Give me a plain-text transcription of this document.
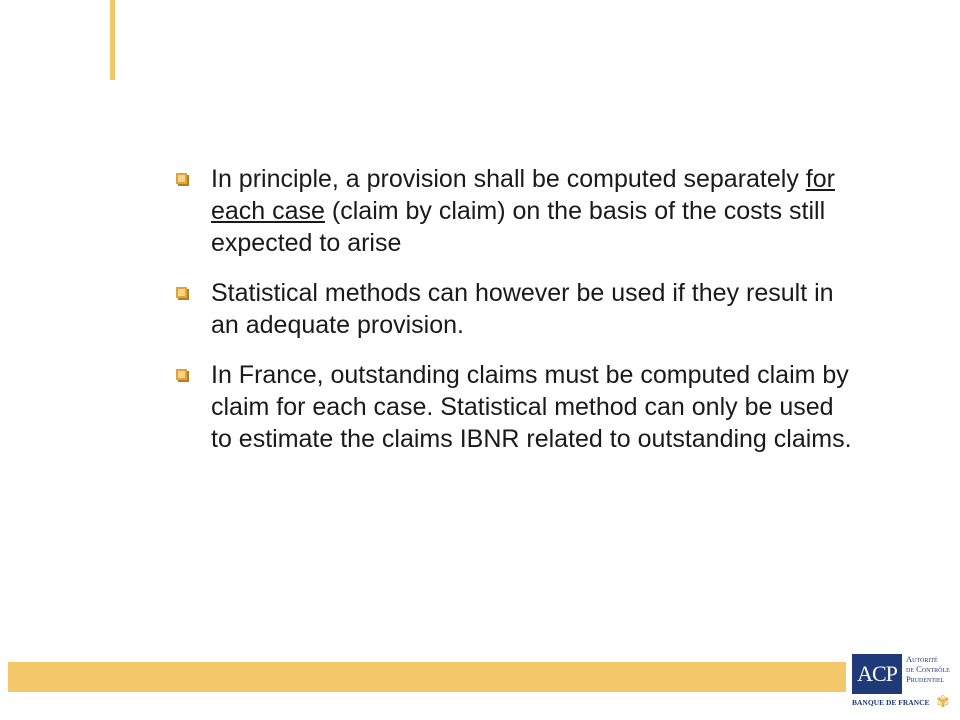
In principle, a provision shall be computed separately for each case (claim by claim) on the basis of the costs still expected to arise

Statistical methods can however be used if they result in an adequate provision.

In France, outstanding claims must be computed claim by claim for each case. Statistical method can only be used to estimate the claims IBNR related to outstanding claims.

ACP
Autorité
de Contrôle
Prudentiel
BANQUE DE FRANCE ✾
